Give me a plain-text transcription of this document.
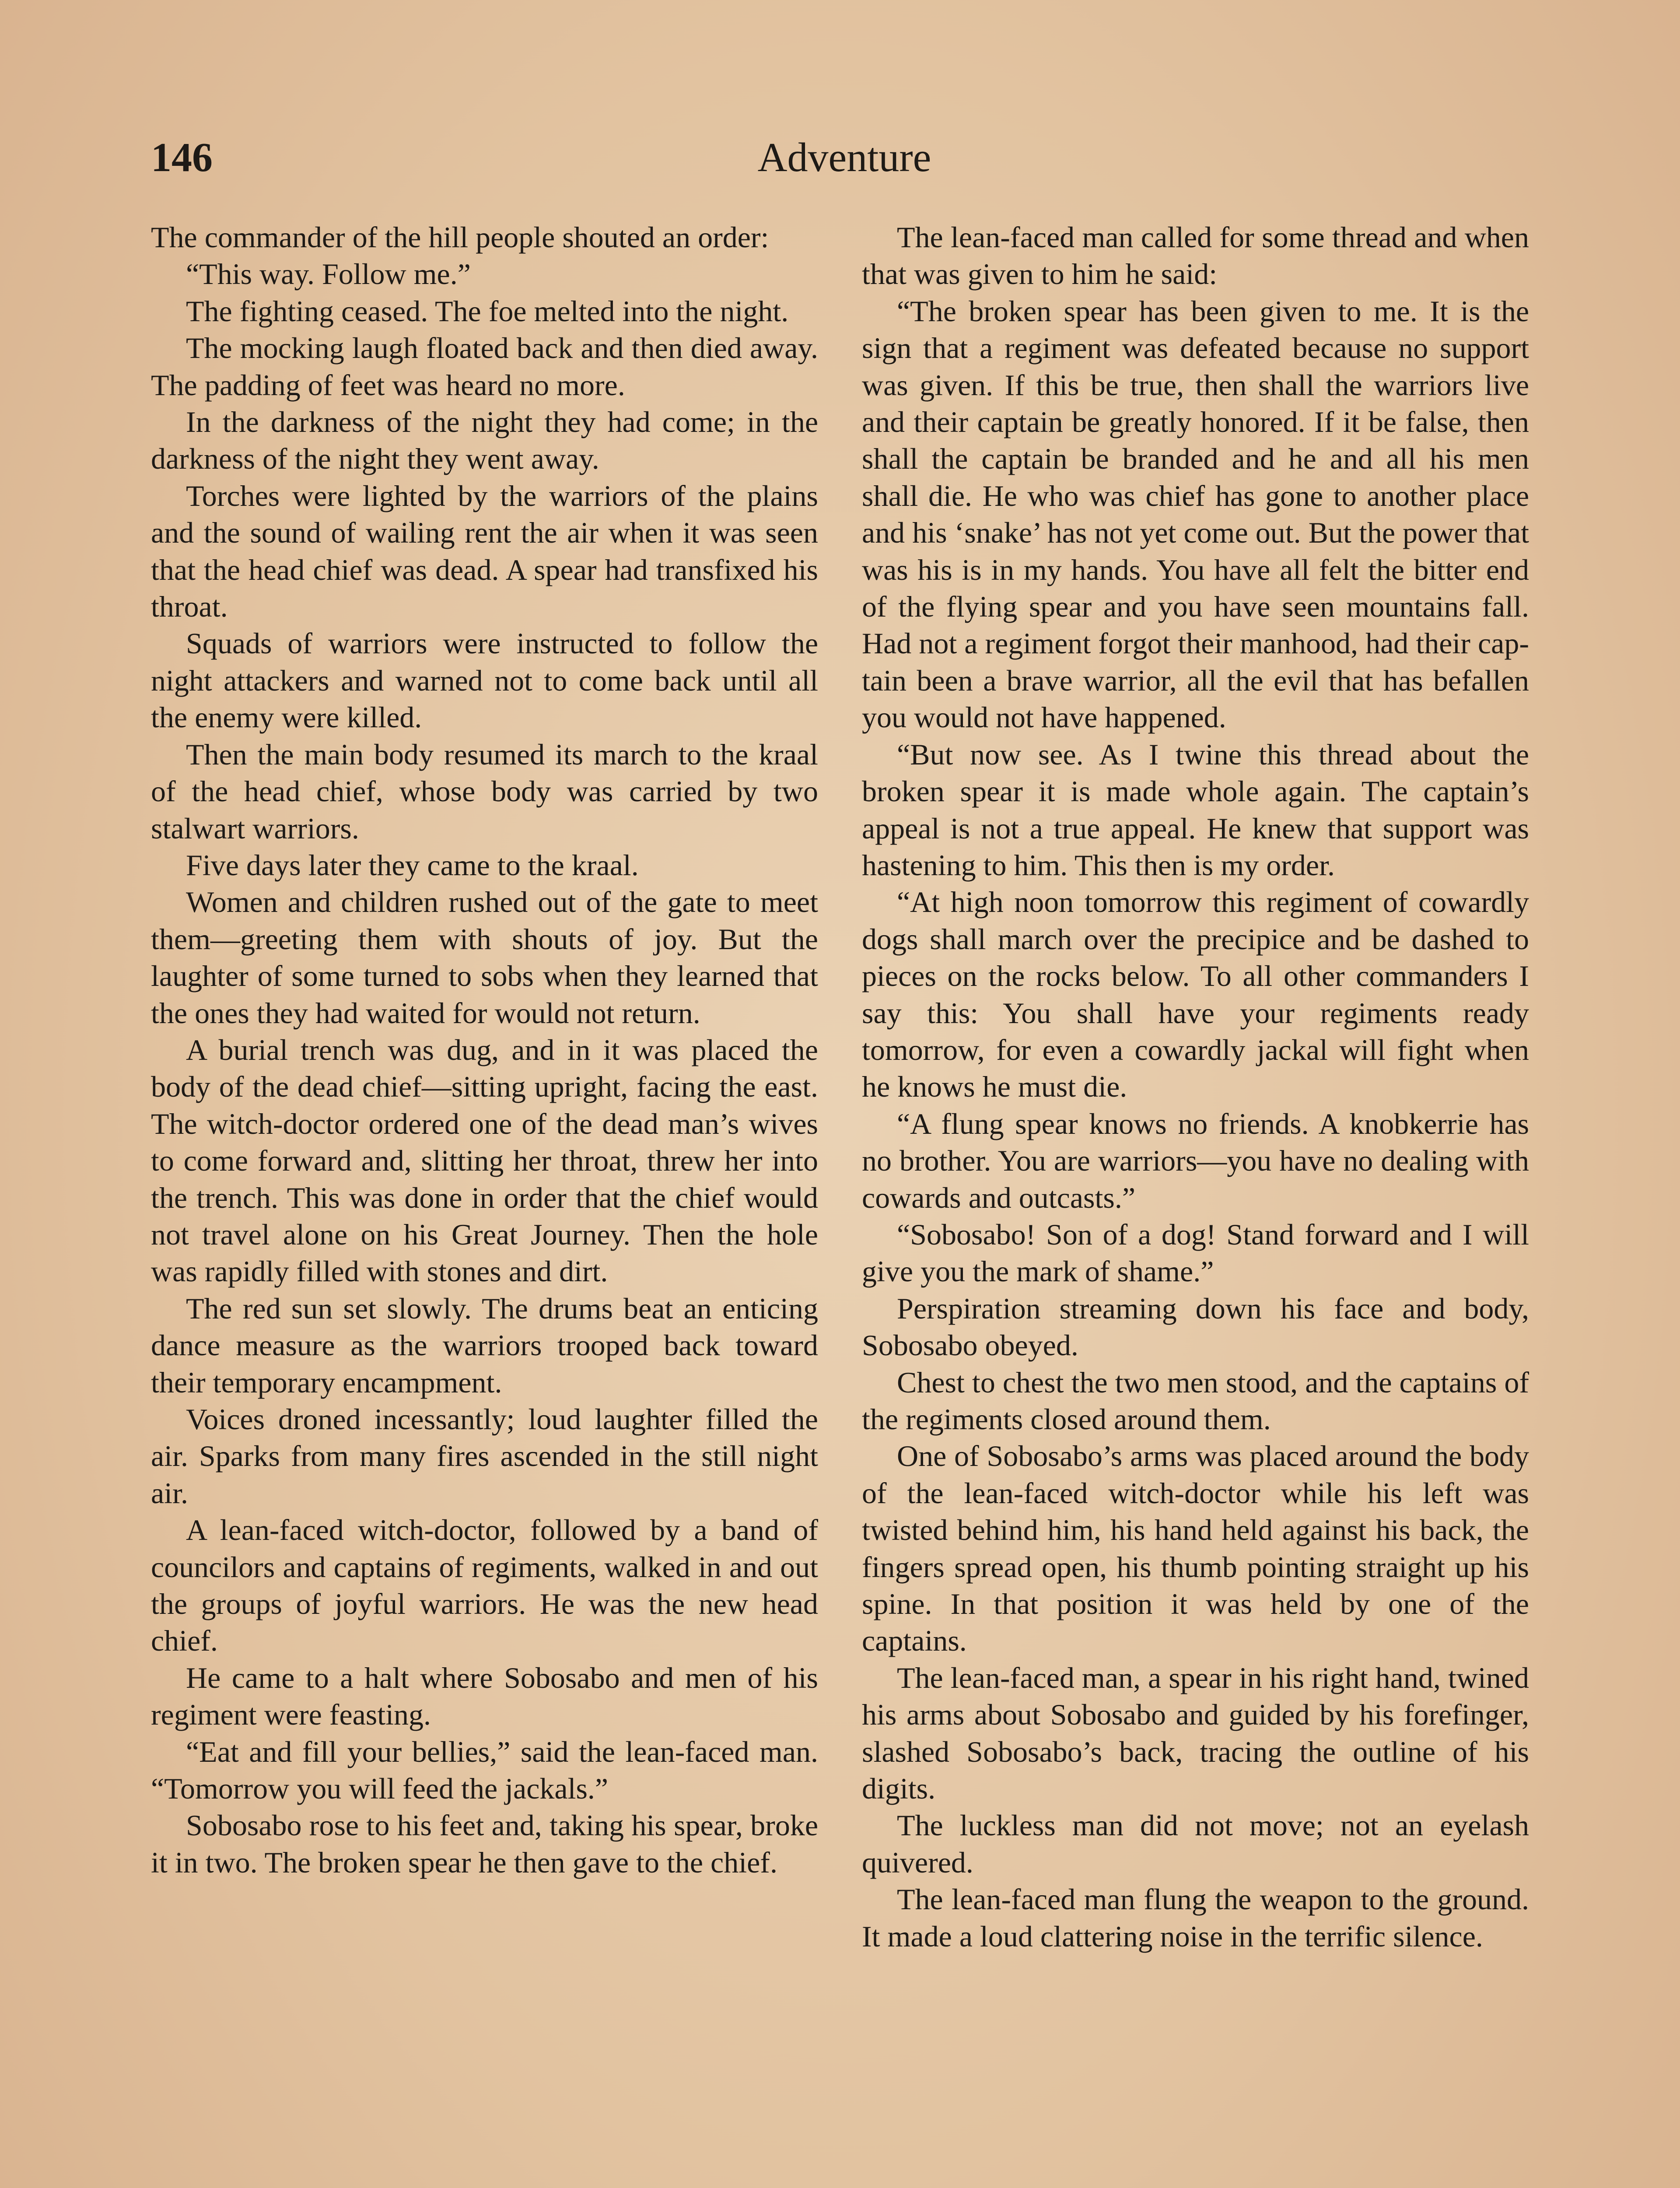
146	Adventure

The commander of the hill people shouted an order:

“This way. Follow me.”

The fighting ceased. The foe melted into the night.

The mocking laugh floated back and then died away. The padding of feet was heard no more.

In the darkness of the night they had come; in the darkness of the night they went away.

Torches were lighted by the warriors of the plains and the sound of wailing rent the air when it was seen that the head chief was dead. A spear had transfixed his throat.

Squads of warriors were instructed to follow the night attackers and warned not to come back until all the enemy were killed.

Then the main body resumed its march to the kraal of the head chief, whose body was carried by two stalwart warriors.

Five days later they came to the kraal.

Women and children rushed out of the gate to meet them—greeting them with shouts of joy. But the laughter of some turned to sobs when they learned that the ones they had waited for would not return.

A burial trench was dug, and in it was placed the body of the dead chief—sitting upright, facing the east. The witch-doctor ordered one of the dead man’s wives to come forward and, slitting her throat, threw her into the trench. This was done in order that the chief would not travel alone on his Great Journey. Then the hole was rapidly filled with stones and dirt.

The red sun set slowly. The drums beat an enticing dance measure as the warriors trooped back toward their temporary encampment.

Voices droned incessantly; loud laughter filled the air. Sparks from many fires ascended in the still night air.

A lean-faced witch-doctor, followed by a band of councilors and captains of regiments, walked in and out the groups of joyful warriors. He was the new head chief.

He came to a halt where Sobosabo and men of his regiment were feasting.

“Eat and fill your bellies,” said the lean-faced man. “Tomorrow you will feed the jackals.”

Sobosabo rose to his feet and, taking his spear, broke it in two. The broken spear he then gave to the chief.

The lean-faced man called for some thread and when that was given to him he said:

“The broken spear has been given to me. It is the sign that a regiment was defeated because no support was given. If this be true, then shall the warriors live and their captain be greatly honored. If it be false, then shall the captain be branded and he and all his men shall die. He who was chief has gone to another place and his ‘snake’ has not yet come out. But the power that was his is in my hands. You have all felt the bitter end of the flying spear and you have seen mountains fall. Had not a regiment forgot their manhood, had their captain been a brave warrior, all the evil that has befallen you would not have happened.

“But now see. As I twine this thread about the broken spear it is made whole again. The captain’s appeal is not a true appeal. He knew that support was hastening to him. This then is my order.

“At high noon tomorrow this regiment of cowardly dogs shall march over the precipice and be dashed to pieces on the rocks below. To all other commanders I say this: You shall have your regiments ready tomorrow, for even a cowardly jackal will fight when he knows he must die.

“A flung spear knows no friends. A knobkerrie has no brother. You are warriors—you have no dealing with cowards and outcasts.”

“Sobosabo! Son of a dog! Stand forward and I will give you the mark of shame.”

Perspiration streaming down his face and body, Sobosabo obeyed.

Chest to chest the two men stood, and the captains of the regiments closed around them.

One of Sobosabo’s arms was placed around the body of the lean-faced witch-doctor while his left was twisted behind him, his hand held against his back, the fingers spread open, his thumb pointing straight up his spine. In that position it was held by one of the captains.

The lean-faced man, a spear in his right hand, twined his arms about Sobosabo and guided by his forefinger, slashed Sobosabo’s back, tracing the outline of his digits.

The luckless man did not move; not an eyelash quivered.

The lean-faced man flung the weapon to the ground. It made a loud clattering noise in the terrific silence.
